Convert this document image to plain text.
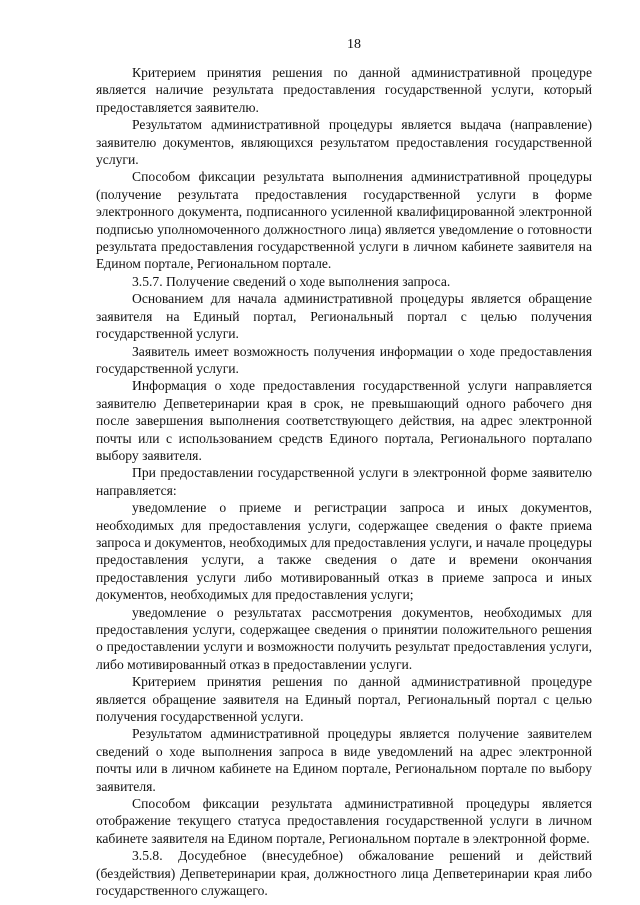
18

Критерием принятия решения по данной административной процедуре является наличие результата предоставления государственной услуги, который предоставляется заявителю.

Результатом административной процедуры является выдача (направление) заявителю документов, являющихся результатом предоставления государственной услуги.

Способом фиксации результата выполнения административной процедуры (получение результата предоставления государственной услуги в форме электронного документа, подписанного усиленной квалифицированной электронной подписью уполномоченного должностного лица) является уведомление о готовности результата предоставления государственной услуги в личном кабинете заявителя на Едином портале, Региональном портале.

3.5.7. Получение сведений о ходе выполнения запроса.

Основанием для начала административной процедуры является обращение заявителя на Единый портал, Региональный портал с целью получения государственной услуги.

Заявитель имеет возможность получения информации о ходе предоставления государственной услуги.

Информация о ходе предоставления государственной услуги направляется заявителю Депветеринарии края в срок, не превышающий одного рабочего дня после завершения выполнения соответствующего действия, на адрес электронной почты или с использованием средств Единого портала, Регионального порталапо выбору заявителя.

При предоставлении государственной услуги в электронной форме заявителю направляется:

уведомление о приеме и регистрации запроса и иных документов, необходимых для предоставления услуги, содержащее сведения о факте приема запроса и документов, необходимых для предоставления услуги, и начале процедуры предоставления услуги, а также сведения о дате и времени окончания предоставления услуги либо мотивированный отказ в приеме запроса и иных документов, необходимых для предоставления услуги;

уведомление о результатах рассмотрения документов, необходимых для предоставления услуги, содержащее сведения о принятии положительного решения о предоставлении услуги и возможности получить результат предоставления услуги, либо мотивированный отказ в предоставлении услуги.

Критерием принятия решения по данной административной процедуре является обращение заявителя на Единый портал, Региональный портал с целью получения государственной услуги.

Результатом административной процедуры является получение заявителем сведений о ходе выполнения запроса в виде уведомлений на адрес электронной почты или в личном кабинете на Едином портале, Региональном портале по выбору заявителя.

Способом фиксации результата административной процедуры является отображение текущего статуса предоставления государственной услуги в личном кабинете заявителя на Едином портале, Региональном портале в электронной форме.

3.5.8. Досудебное (внесудебное) обжалование решений и действий (бездействия) Депветеринарии края, должностного лица Депветеринарии края либо государственного служащего.
